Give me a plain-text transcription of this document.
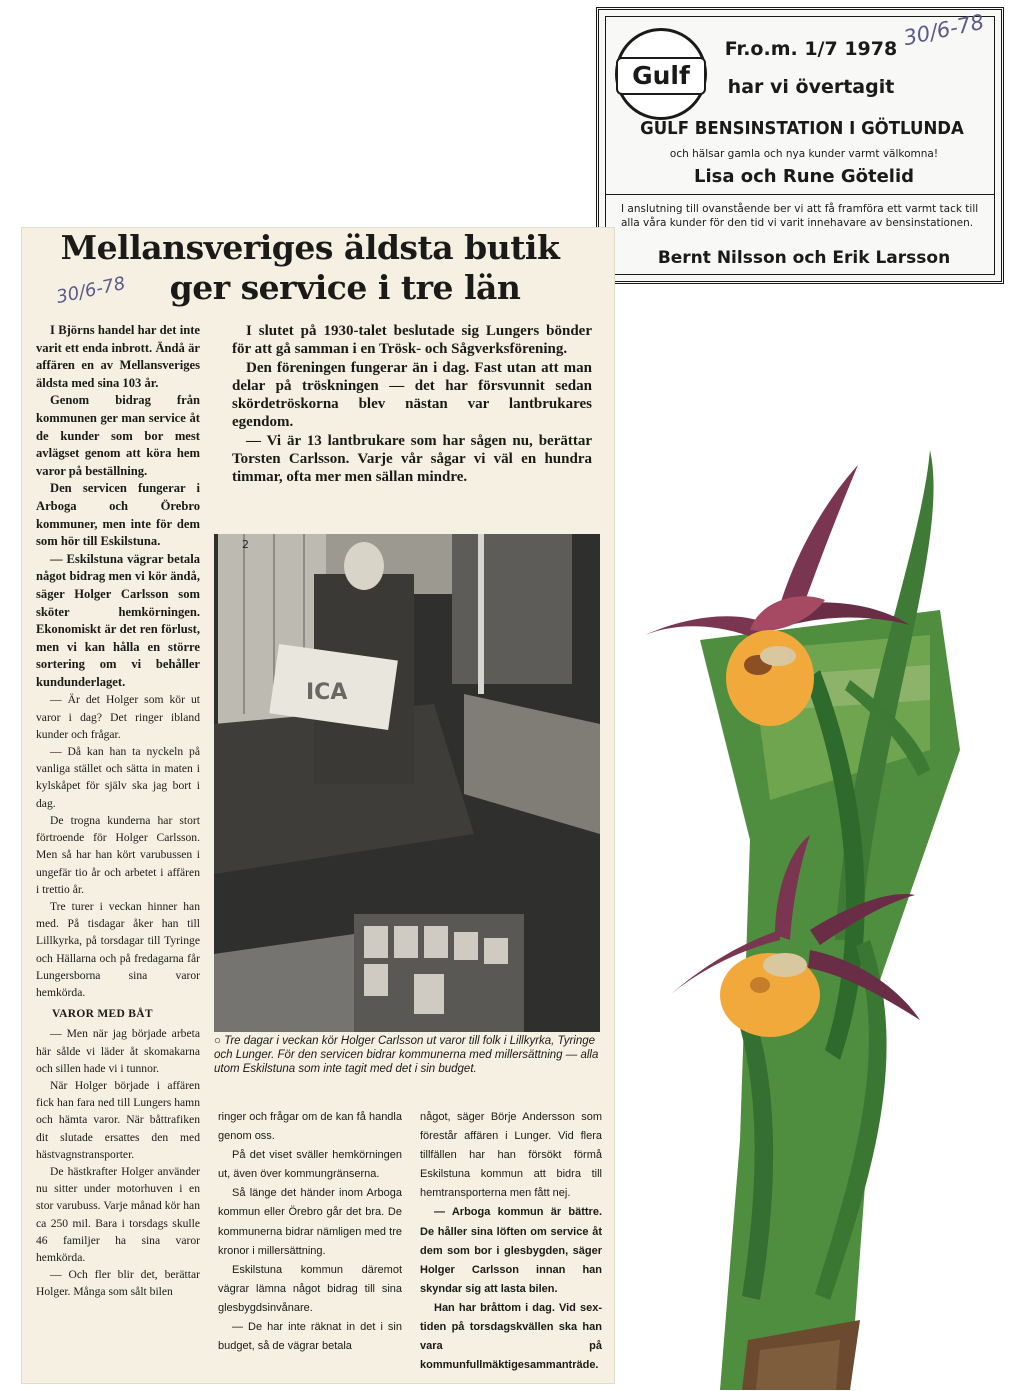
Gulf
Fr.o.m. 1/7 1978
har vi övertagit
GULF BENSINSTATION I GÖTLUNDA
och hälsar gamla och nya kunder varmt välkomna!
Lisa och Rune Götelid
I anslutning till ovanstående ber vi att få framföra ett varmt tack till alla våra kunder för den tid vi varit innehavare av bensinstationen.
Bernt Nilsson och Erik Larsson
30/6-78
Mellansveriges äldsta butik
ger service i tre län
30/6-78

I Björns handel har det inte varit ett enda inbrott. Ändå är affären en av Mellansveriges äldsta med sina 103 år.

Genom bidrag från kommunen ger man service åt de kunder som bor mest avlägset genom att köra hem varor på beställning.

Den servicen fungerar i Arboga och Örebro kommuner, men inte för dem som hör till Eskilstuna.

— Eskilstuna vägrar betala något bidrag men vi kör ändå, säger Holger Carlsson som sköter hemkörningen. Ekonomiskt är det ren förlust, men vi kan hålla en större sortering om vi behåller kundunderlaget.

— Är det Holger som kör ut varor i dag? Det ringer ibland kunder och frågar.

— Då kan han ta nyckeln på vanliga stället och sätta in maten i kylskåpet för själv ska jag bort i dag.

De trogna kunderna har stort förtroende för Holger Carlsson. Men så har han kört varubussen i ungefär tio år och arbetet i affären i trettio år.

Tre turer i veckan hinner han med. På tisdagar åker han till Lillkyrka, på torsdagar till Tyringe och Hällarna och på fredagarna får Lungersborna sina varor hemkörda.

VAROR MED BÅT

— Men när jag började arbeta här sålde vi läder åt skomakarna och sillen hade vi i tunnor.

När Holger började i affären fick han fara ned till Lungers hamn och hämta varor. När båttrafiken dit slutade ersattes den med hästvagnstransporter.

De hästkrafter Holger använder nu sitter under motorhuven i en stor varubuss. Varje månad kör han ca 250 mil. Bara i torsdags skulle 46 familjer ha sina varor hemkörda.

— Och fler blir det, berättar Holger. Många som sålt bilen

I slutet på 1930-talet beslutade sig Lungers bönder för att gå samman i en Trösk- och Sågverksförening.

Den föreningen fungerar än i dag. Fast utan att man delar på tröskningen — det har försvunnit sedan skördetröskorna blev nästan var lantbrukares egendom.

— Vi är 13 lantbrukare som har sågen nu, berättar Torsten Carlsson. Varje vår sågar vi väl en hundra timmar, ofta mer men sällan mindre.

ICA
2
○ Tre dagar i veckan kör Holger Carlsson ut varor till folk i Lillkyrka, Tyringe och Lunger. För den servicen bidrar kommunerna med millersättning — alla utom Eskilstuna som inte tagit med det i sin budget.

ringer och frågar om de kan få handla genom oss.

På det viset sväller hemkörningen ut, även över kommungränserna.

Så länge det händer inom Arboga kommun eller Örebro går det bra. De kommunerna bidrar nämligen med tre kronor i millersättning.

Eskilstuna kommun däremot vägrar lämna något bidrag till sina glesbygdsinvånare.

— De har inte räknat in det i sin budget, så de vägrar betala

något, säger Börje Andersson som förestår affären i Lunger. Vid flera tillfällen har han försökt förmå Eskilstuna kommun att bidra till hemtransporterna men fått nej.

— Arboga kommun är bättre. De håller sina löften om service åt dem som bor i glesbygden, säger Holger Carlsson innan han skyndar sig att lasta bilen.

Han har bråttom i dag. Vid sex-tiden på torsdagskvällen ska han vara på kommunfullmäktigesammanträde.
